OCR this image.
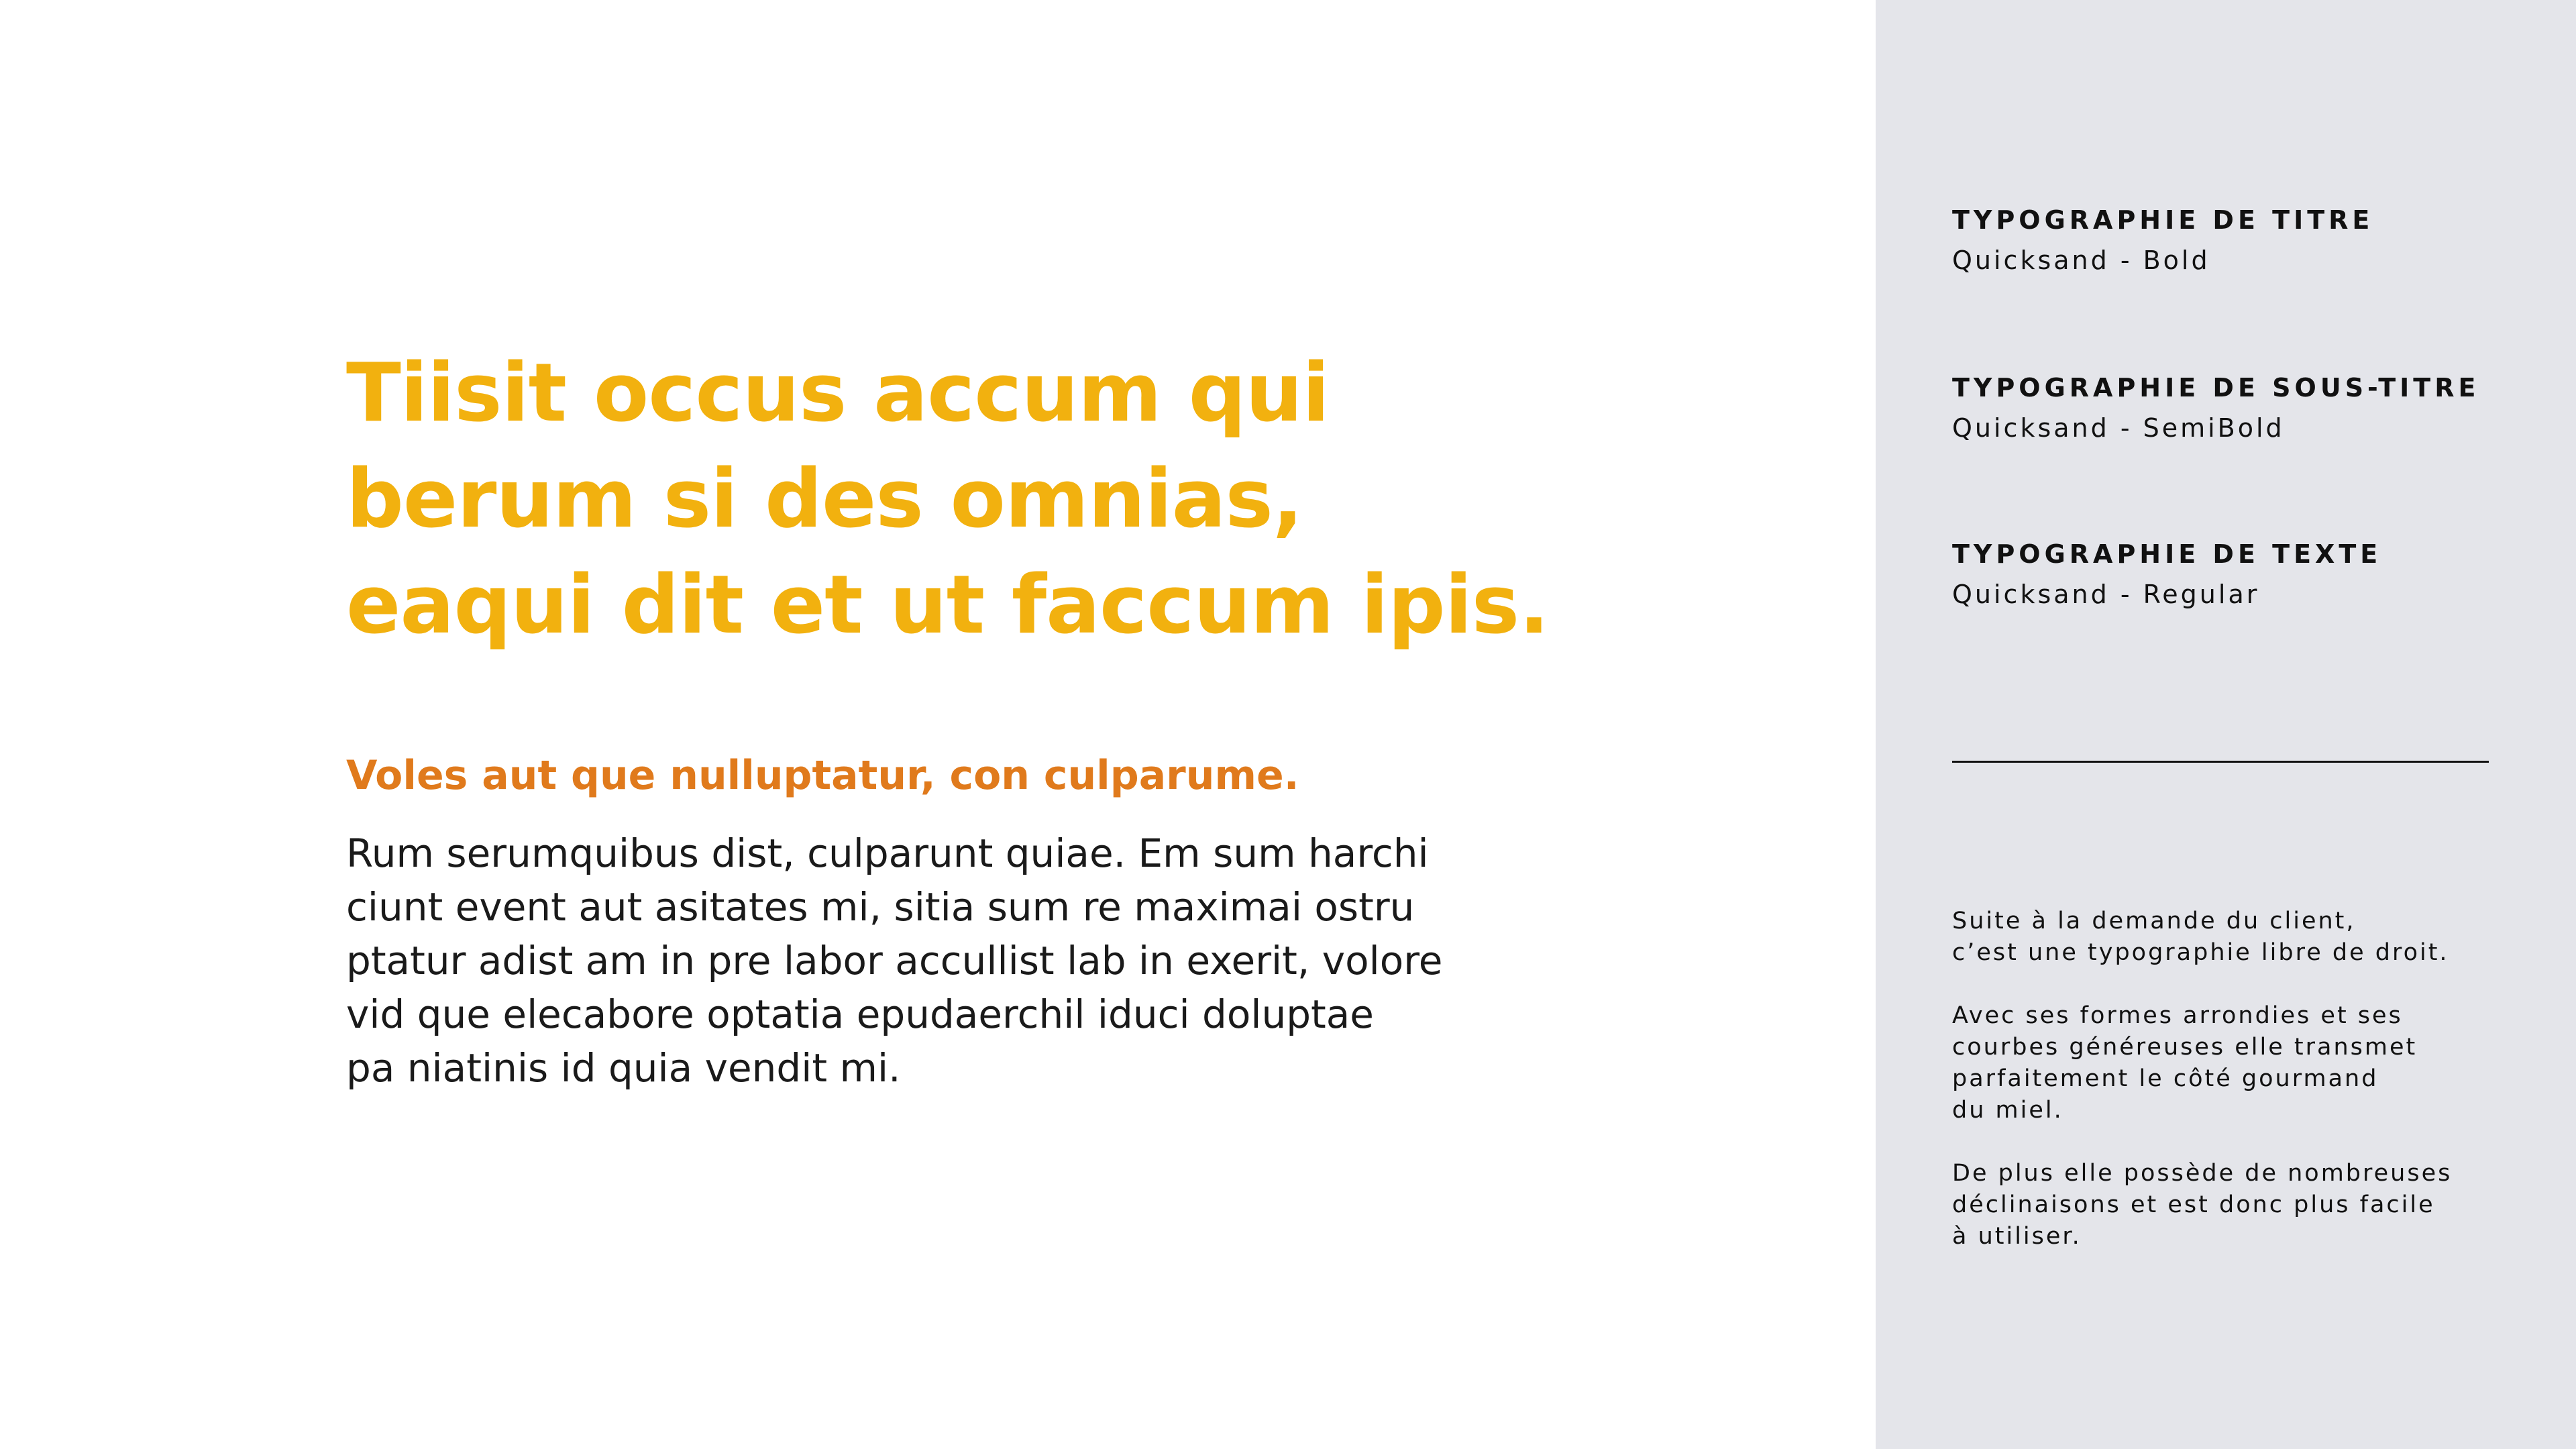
Tiisit occus accum qui
berum si des omnias,
eaqui dit et ut faccum ipis.
Voles aut que nulluptatur, con culparume.

Rum serumquibus dist, culparunt quiae. Em sum harchi
ciunt event aut asitates mi, sitia sum re maximai ostru
ptatur adist am in pre labor accullist lab in exerit, volore
vid que elecabore optatia epudaerchil iduci doluptae
pa niatinis id quia vendit mi.

TYPOGRAPHIE DE TITRE
Quicksand - Bold
TYPOGRAPHIE DE SOUS-TITRE
Quicksand - SemiBold
TYPOGRAPHIE DE TEXTE
Quicksand - Regular

Suite à la demande du client,
c’est une typographie libre de droit.

Avec ses formes arrondies et ses
courbes généreuses elle transmet
parfaitement le côté gourmand
du miel.

De plus elle possède de nombreuses
déclinaisons et est donc plus facile
à utiliser.
